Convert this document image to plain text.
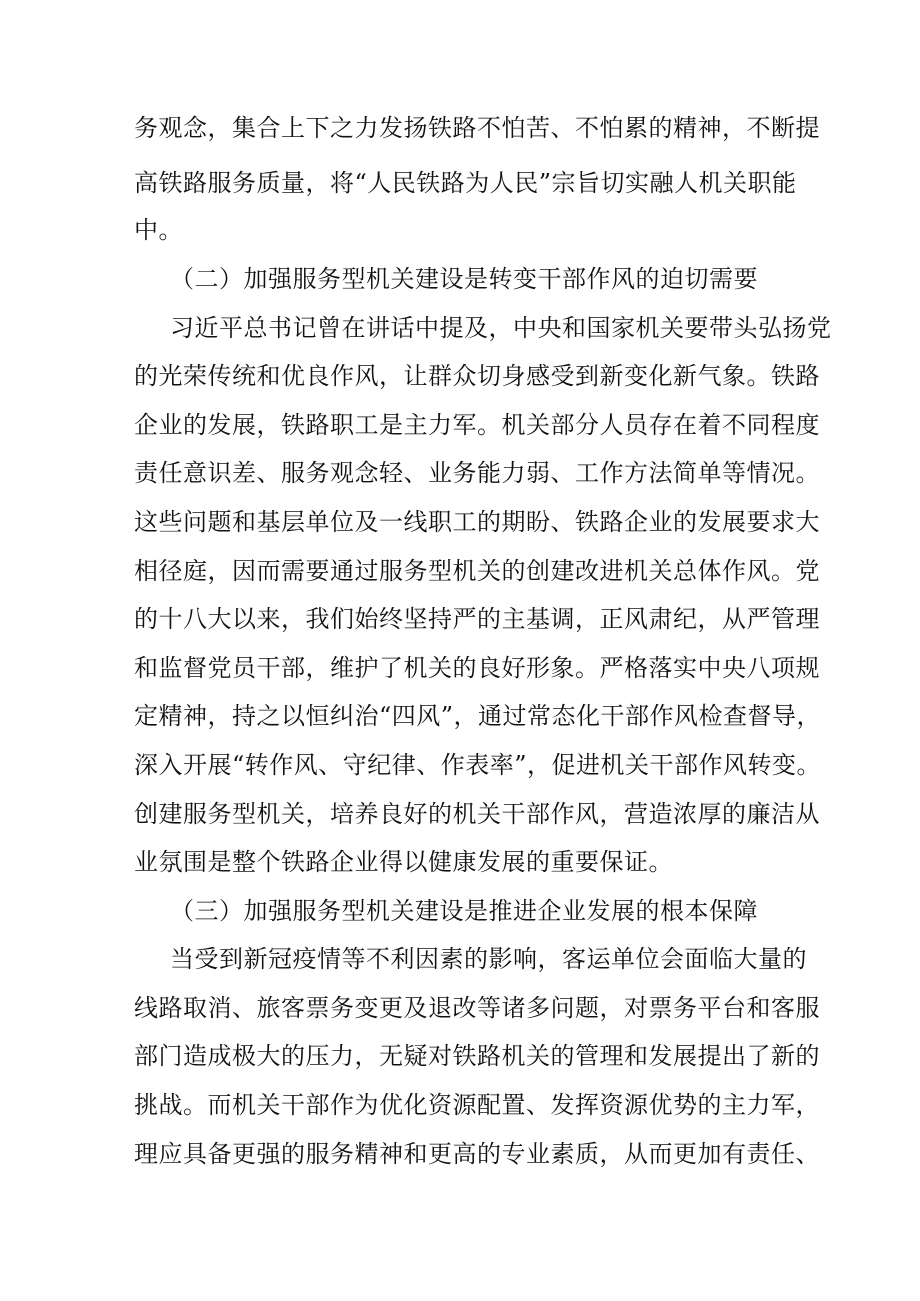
务观念，集合上下之力发扬铁路不怕苦、不怕累的精神，不断提
高铁路服务质量，将“人民铁路为人民”宗旨切实融人机关职能
中。
（二）加强服务型机关建设是转变干部作风的迫切需要
习近平总书记曾在讲话中提及，中央和国家机关要带头弘扬党
的光荣传统和优良作风，让群众切身感受到新变化新气象。铁路
企业的发展，铁路职工是主力军。机关部分人员存在着不同程度
责任意识差、服务观念轻、业务能力弱、工作方法简单等情况。
这些问题和基层单位及一线职工的期盼、铁路企业的发展要求大
相径庭，因而需要通过服务型机关的创建改进机关总体作风。党
的十八大以来，我们始终坚持严的主基调，正风肃纪，从严管理
和监督党员干部，维护了机关的良好形象。严格落实中央八项规
定精神，持之以恒纠治“四风”，通过常态化干部作风检查督导，
深入开展“转作风、守纪律、作表率”，促进机关干部作风转变。
创建服务型机关，培养良好的机关干部作风，营造浓厚的廉洁从
业氛围是整个铁路企业得以健康发展的重要保证。
（三）加强服务型机关建设是推进企业发展的根本保障
当受到新冠疫情等不利因素的影响，客运单位会面临大量的
线路取消、旅客票务变更及退改等诸多问题，对票务平台和客服
部门造成极大的压力，无疑对铁路机关的管理和发展提出了新的
挑战。而机关干部作为优化资源配置、发挥资源优势的主力军，
理应具备更强的服务精神和更高的专业素质，从而更加有责任、
